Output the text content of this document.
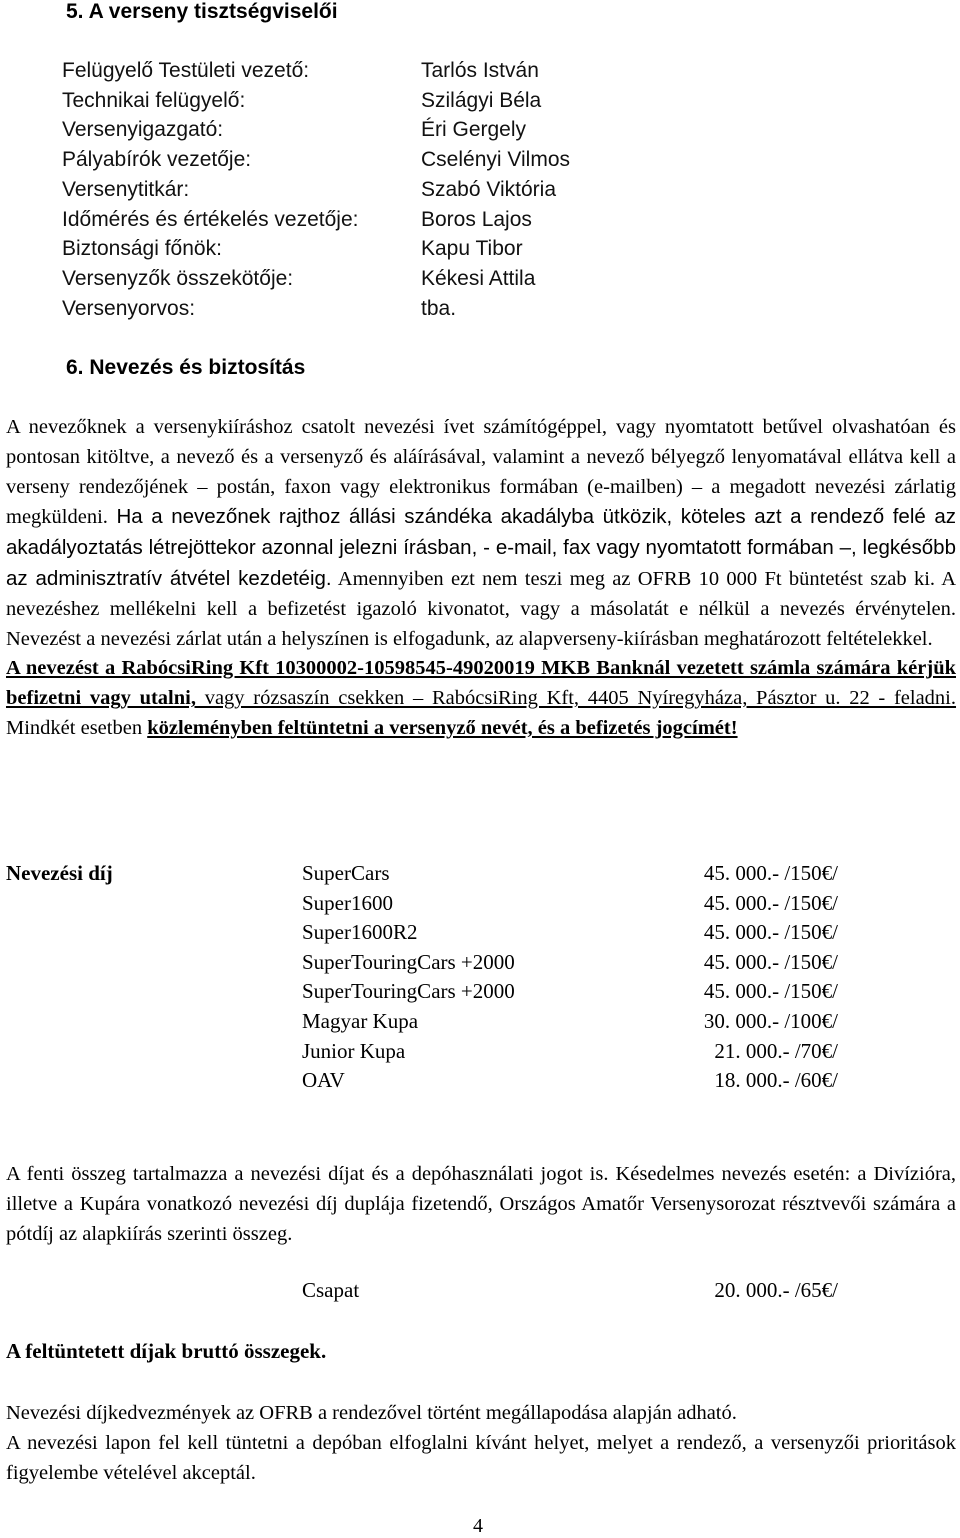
5. A verseny tisztségviselői
Felügyelő Testületi vezető:	Tarlós István
Technikai felügyelő:	Szilágyi Béla
Versenyigazgató:	Éri Gergely
Pályabírók vezetője:	Cselényi Vilmos
Versenytitkár:	Szabó Viktória
Időmérés és értékelés vezetője:	Boros Lajos
Biztonsági főnök:	Kapu Tibor
Versenyzők összekötője:	Kékesi Attila
Versenyorvos:	tba.
6. Nevezés és biztosítás
A nevezőknek a versenykiíráshoz csatolt nevezési ívet számítógéppel, vagy nyomtatott betűvel olvashatóan és pontosan kitöltve, a nevező és a versenyző és aláírásával, valamint a nevező bélyegző lenyomatával ellátva kell a verseny rendezőjének – postán, faxon vagy elektronikus formában (e-mailben) – a megadott nevezési zárlatig megküldeni. Ha a nevezőnek rajthoz állási szándéka akadályba ütközik, köteles azt a rendező felé az akadályoztatás létrejöttekor azonnal jelezni írásban, - e-mail, fax vagy nyomtatott formában –, legkésőbb az adminisztratív átvétel kezdetéig. Amennyiben ezt nem teszi meg az OFRB 10 000 Ft büntetést szab ki. A nevezéshez mellékelni kell a befizetést igazoló kivonatot, vagy a másolatát e nélkül a nevezés érvénytelen. Nevezést a nevezési zárlat után a helyszínen is elfogadunk, az alapverseny-kiírásban meghatározott feltételekkel.
A nevezést a RabócsiRing Kft 10300002-10598545-49020019 MKB Banknál vezetett számla számára kérjük befizetni vagy utalni, vagy rózsaszín csekken – RabócsiRing Kft, 4405 Nyíregyháza, Pásztor u. 22 - feladni. Mindkét esetben közleményben feltüntetni a versenyző nevét, és a befizetés jogcímét!
Nevezési díj	SuperCars	45. 000.- /150€/
Super1600	45. 000.- /150€/
Super1600R2	45. 000.- /150€/
SuperTouringCars +2000	45. 000.- /150€/
SuperTouringCars +2000	45. 000.- /150€/
Magyar Kupa	30. 000.- /100€/
Junior Kupa	21. 000.- /70€/
OAV	18. 000.- /60€/
A fenti összeg tartalmazza a nevezési díjat és a depóhasználati jogot is. Késedelmes nevezés esetén: a Divízióra, illetve a Kupára vonatkozó nevezési díj duplája fizetendő, Országos Amatőr Versenysorozat résztvevői számára a pótdíj az alapkiírás szerinti összeg.
Csapat	20. 000.- /65€/
A feltüntetett díjak bruttó összegek.
Nevezési díjkedvezmények az OFRB a rendezővel történt megállapodása alapján adható.
A nevezési lapon fel kell tüntetni a depóban elfoglalni kívánt helyet, melyet a rendező, a versenyzői prioritások figyelembe vételével akceptál.
4
